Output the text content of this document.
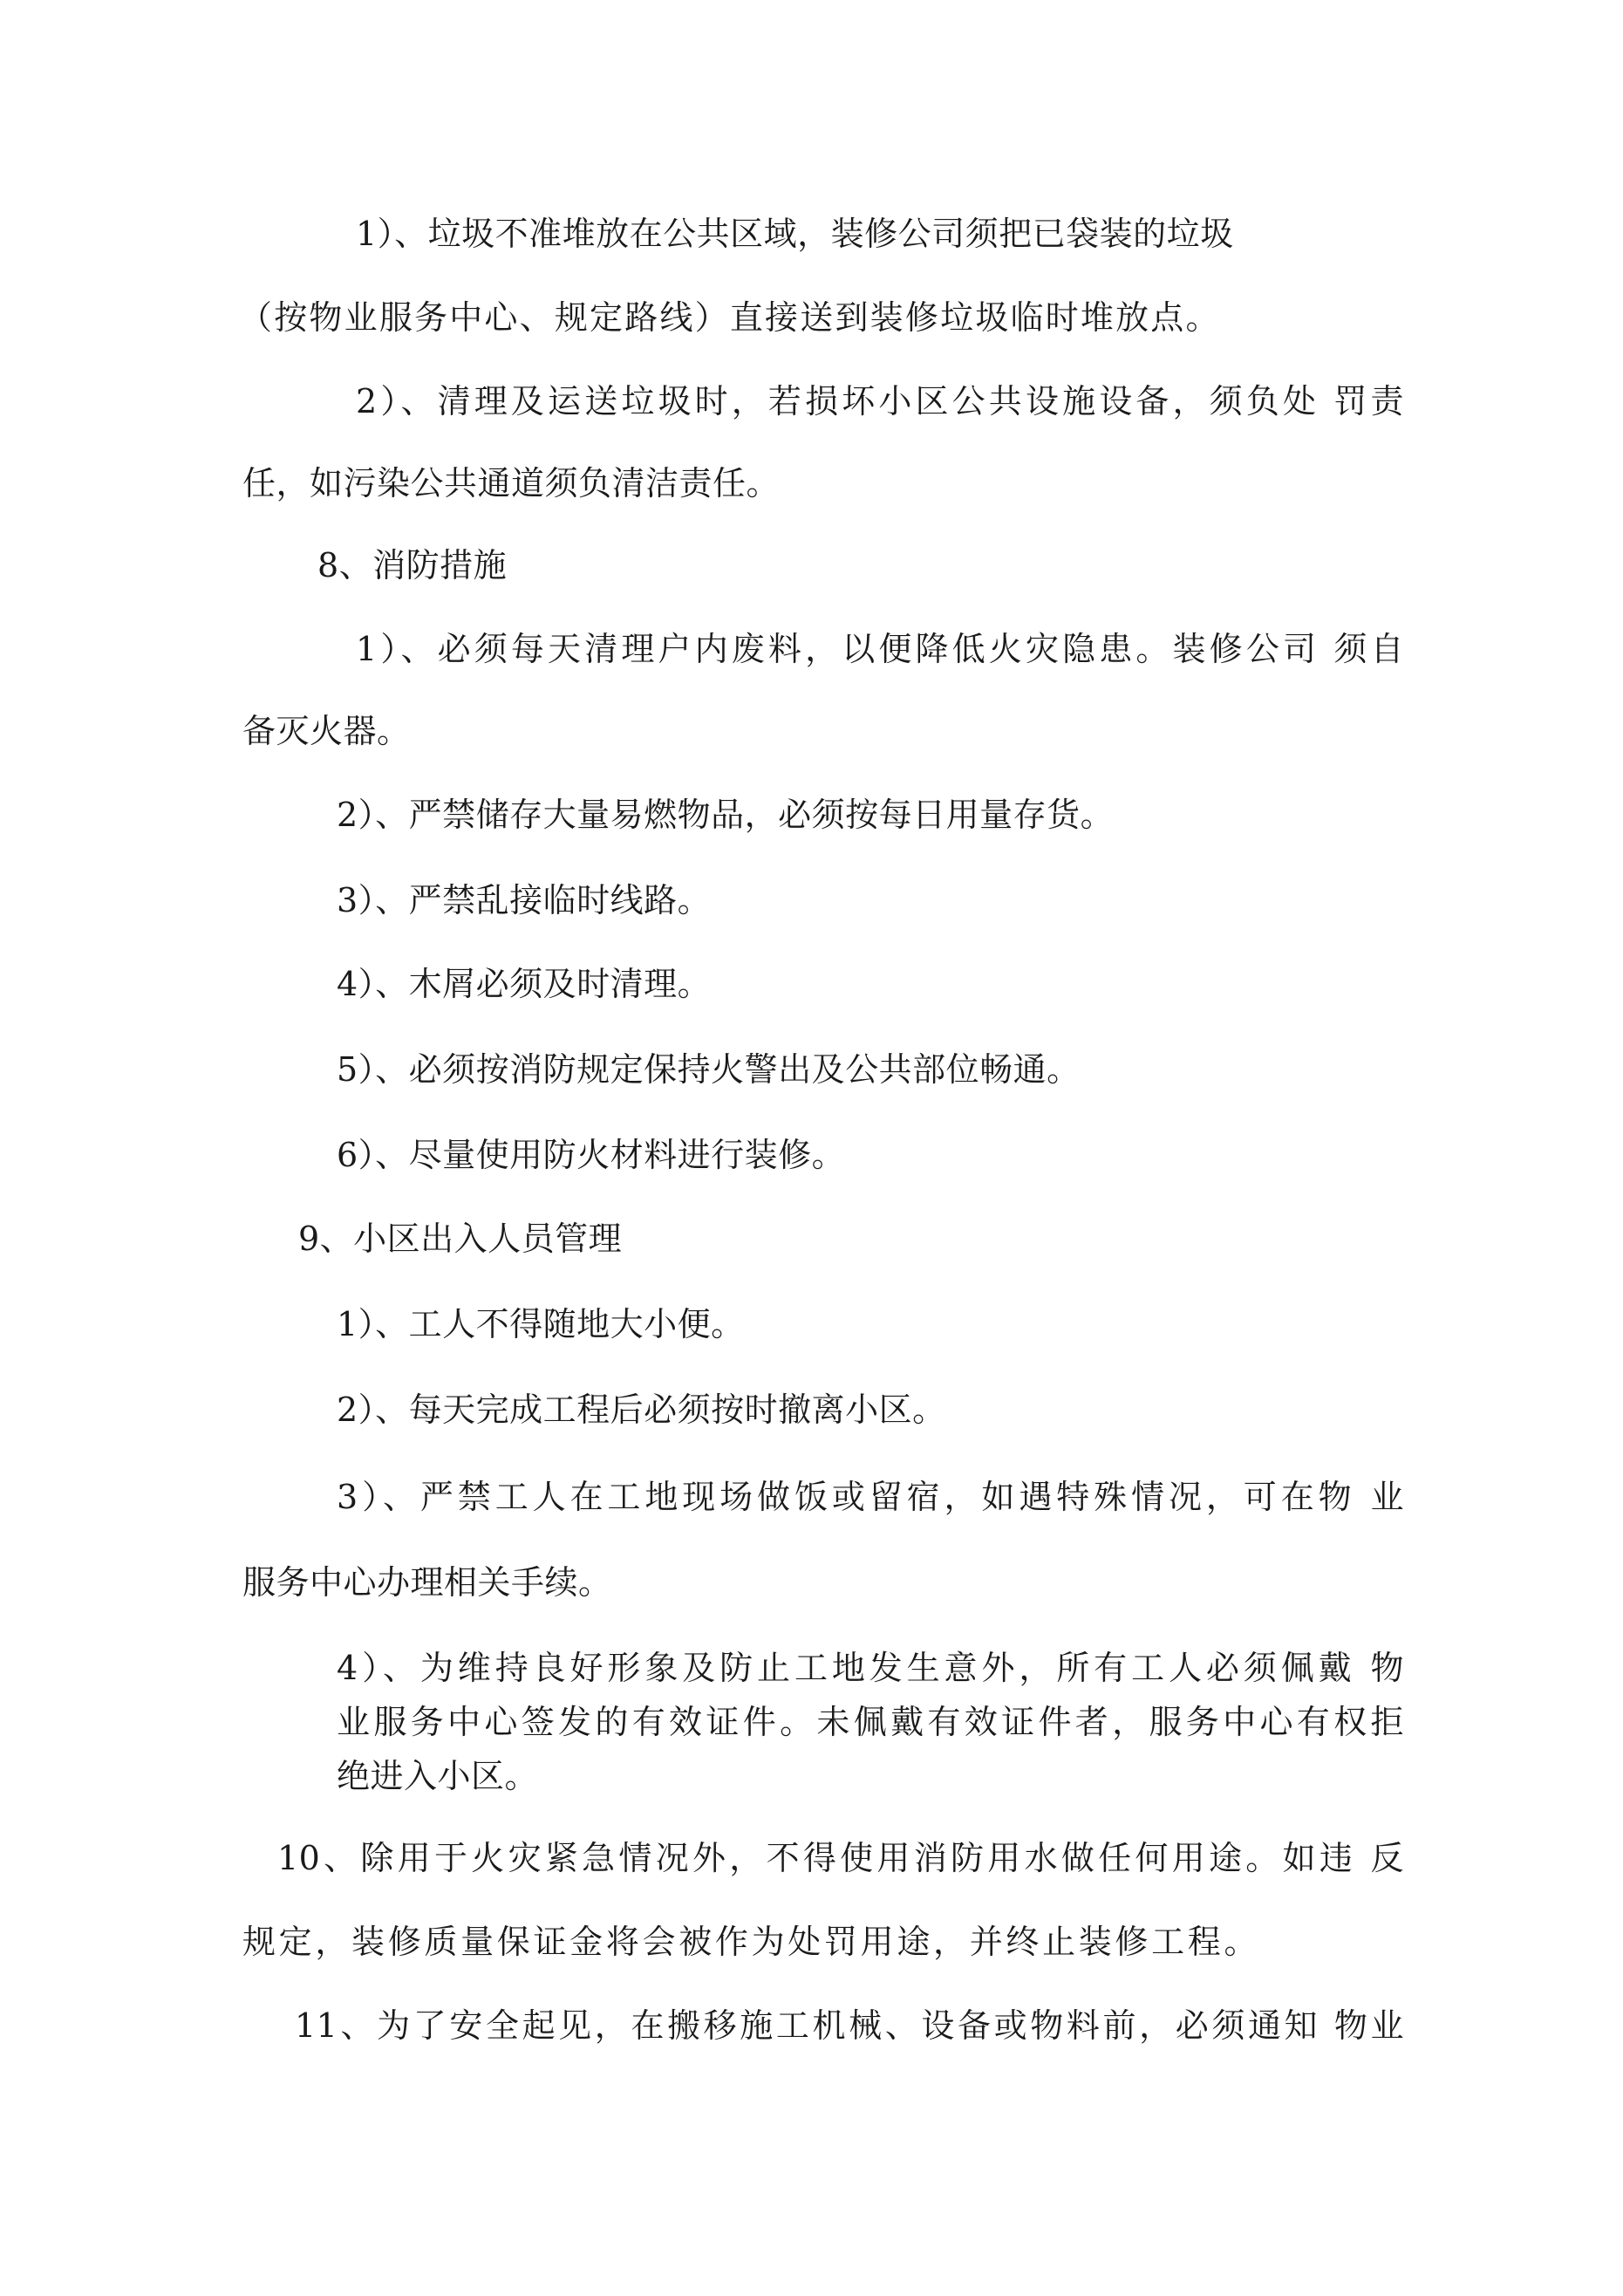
1）、垃圾不准堆放在公共区域，装修公司须把已袋装的垃圾
（按物业服务中心、规定路线）直接送到装修垃圾临时堆放点。
2）、清理及运送垃圾时，若损坏小区公共设施设备，须负处 罚责
任，如污染公共通道须负清洁责任。
8、消防措施
1）、必须每天清理户内废料，以便降低火灾隐患。装修公司 须自
备灭火器。
2）、严禁储存大量易燃物品，必须按每日用量存货。
3）、严禁乱接临时线路。
4）、木屑必须及时清理。
5）、必须按消防规定保持火警出及公共部位畅通。
6）、尽量使用防火材料进行装修。
9、小区出入人员管理
1）、工人不得随地大小便。
2）、每天完成工程后必须按时撤离小区。
3）、严禁工人在工地现场做饭或留宿，如遇特殊情况，可在物 业
服务中心办理相关手续。
4）、为维持良好形象及防止工地发生意外，所有工人必须佩戴 物
业服务中心签发的有效证件。未佩戴有效证件者，服务中心有权拒
绝进入小区。
10、除用于火灾紧急情况外，不得使用消防用水做任何用途。如违 反
规定，装修质量保证金将会被作为处罚用途，并终止装修工程。
11、为了安全起见，在搬移施工机械、设备或物料前，必须通知 物业
